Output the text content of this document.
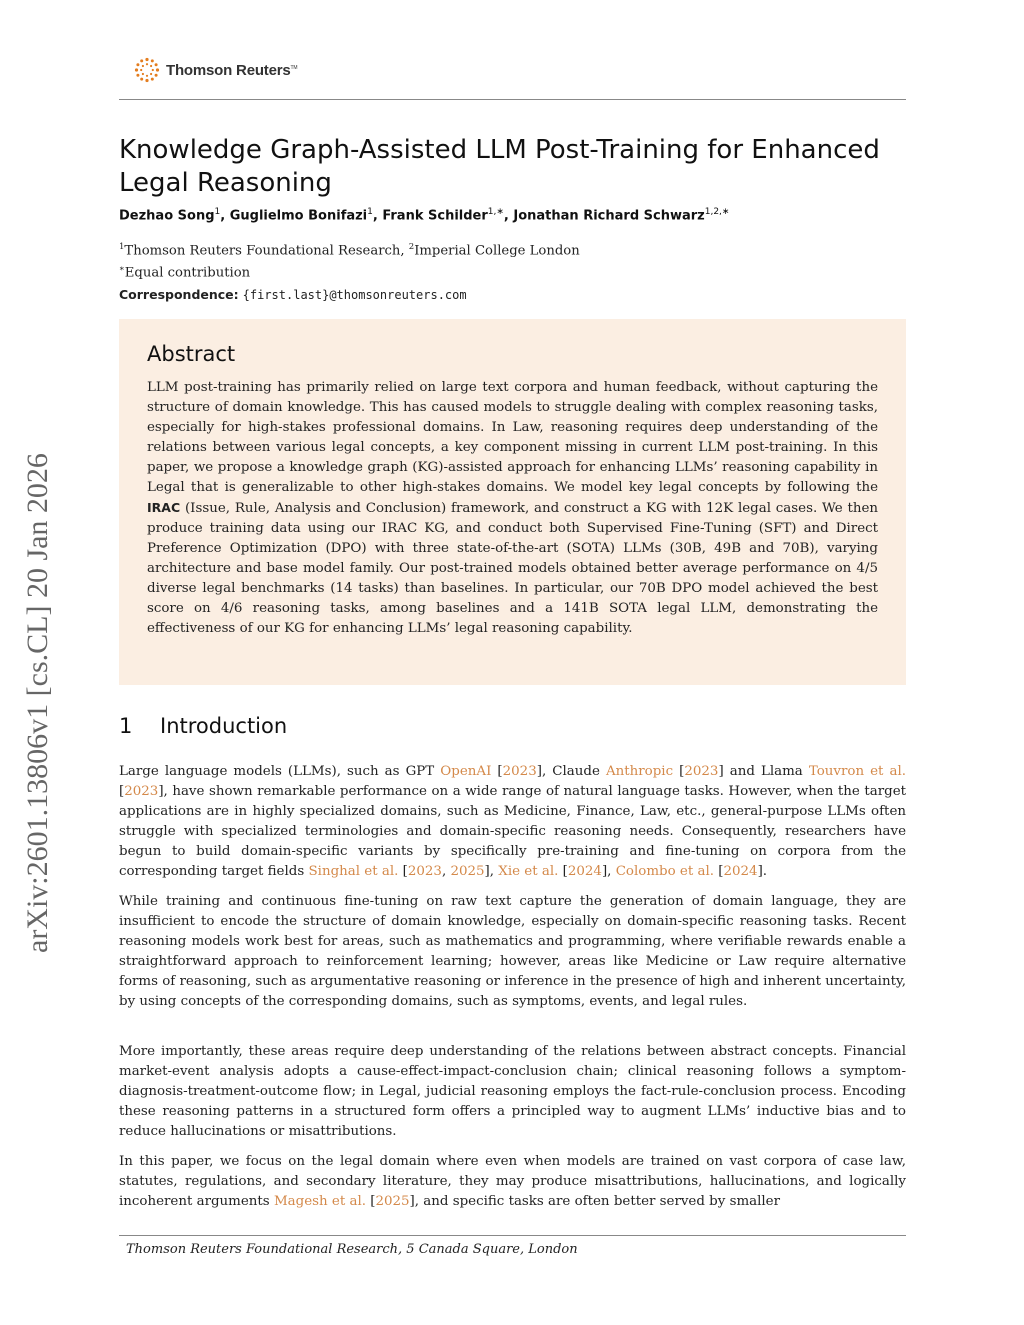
Thomson Reuters™
Knowledge Graph-Assisted LLM Post-Training for Enhanced Legal Reasoning
Dezhao Song$^1$, Guglielmo Bonifazi$^1$, Frank Schilder$^{1,∗}$, Jonathan Richard Schwarz$^{1,2,∗}$
$^1$Thomson Reuters Foundational Research, $^2$Imperial College London
∗Equal contribution
Correspondence: {first.last}@thomsonreuters.com
Abstract

LLM post-training has primarily relied on large text corpora and human feedback, without capturing the structure of domain knowledge. This has caused models to struggle dealing with complex reasoning tasks, especially for high-stakes professional domains. In Law, reasoning requires deep understanding of the relations between various legal concepts, a key component missing in current LLM post-training. In this paper, we propose a knowledge graph (KG)-assisted approach for enhancing LLMs’ reasoning capability in Legal that is generalizable to other high-stakes domains. We model key legal concepts by following the IRAC (Issue, Rule, Analysis and Conclusion) framework, and construct a KG with 12K legal cases. We then produce training data using our IRAC KG, and conduct both Supervised Fine-Tuning (SFT) and Direct Preference Optimization (DPO) with three state-of-the-art (SOTA) LLMs (30B, 49B and 70B), varying architecture and base model family. Our post-trained models obtained better average performance on 4/5 diverse legal benchmarks (14 tasks) than baselines. In particular, our 70B DPO model achieved the best score on 4/6 reasoning tasks, among baselines and a 141B SOTA legal LLM, demonstrating the effectiveness of our KG for enhancing LLMs’ legal reasoning capability.

arXiv:2601.13806v1 [cs.CL] 20 Jan 2026	1 Introduction

Large language models (LLMs), such as GPT OpenAI [2023], Claude Anthropic [2023] and Llama Touvron et al. [2023], have shown remarkable performance on a wide range of natural language tasks. However, when the target applications are in highly specialized domains, such as Medicine, Finance, Law, etc., general-purpose LLMs often struggle with specialized terminologies and domain-specific reasoning needs. Consequently, researchers have begun to build domain-specific variants by specifically pre-training and fine-tuning on corpora from the corresponding target fields Singhal et al. [2023, 2025], Xie et al. [2024], Colombo et al. [2024].

While training and continuous fine-tuning on raw text capture the generation of domain language, they are insufficient to encode the structure of domain knowledge, especially on domain-specific reasoning tasks. Recent reasoning models work best for areas, such as mathematics and programming, where verifiable rewards enable a straightforward approach to reinforcement learning; however, areas like Medicine or Law require alternative forms of reasoning, such as argumentative reasoning or inference in the presence of high and inherent uncertainty, by using concepts of the corresponding domains, such as symptoms, events, and legal rules.

More importantly, these areas require deep understanding of the relations between abstract concepts. Financial market-event analysis adopts a cause-effect-impact-conclusion chain; clinical reasoning follows a symptom-diagnosis-treatment-outcome flow; in Legal, judicial reasoning employs the fact-rule-conclusion process. Encoding these reasoning patterns in a structured form offers a principled way to augment LLMs’ inductive bias and to reduce hallucinations or misattributions.

In this paper, we focus on the legal domain where even when models are trained on vast corpora of case law, statutes, regulations, and secondary literature, they may produce misattributions, hallucinations, and logically incoherent arguments Magesh et al. [2025], and specific tasks are often better served by smaller

Thomson Reuters Foundational Research, 5 Canada Square, London
